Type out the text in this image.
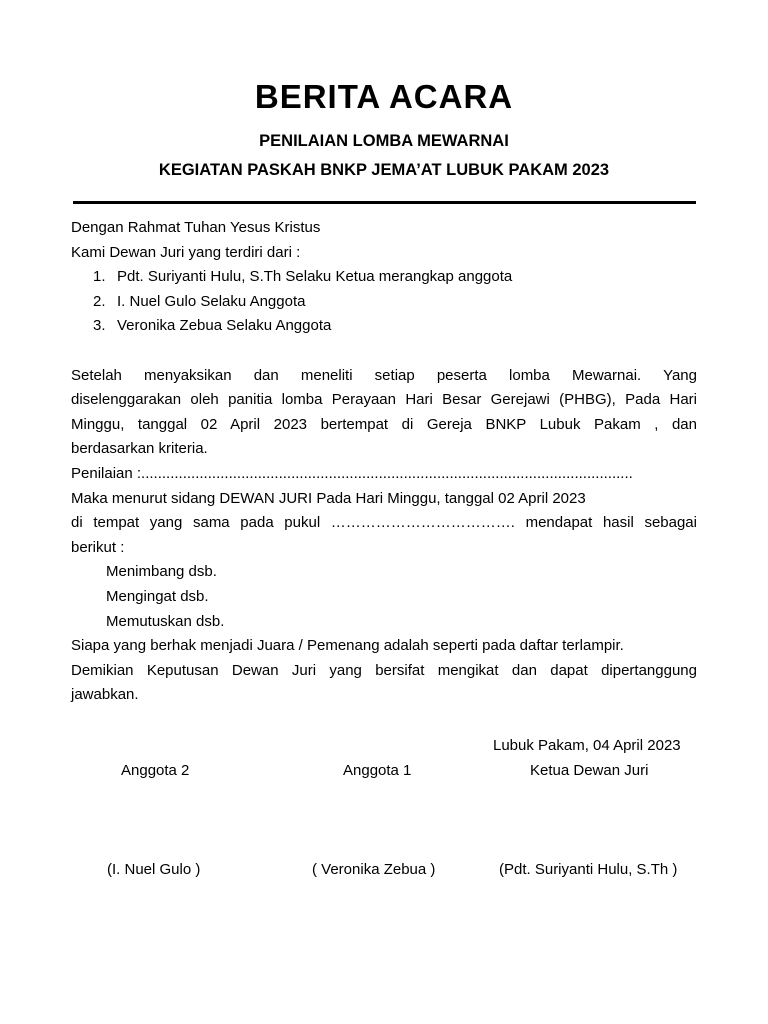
BERITA ACARA
PENILAIAN LOMBA MEWARNAI
KEGIATAN PASKAH BNKP JEMA’AT LUBUK PAKAM 2023
Dengan Rahmat Tuhan Yesus Kristus
Kami Dewan Juri yang terdiri dari :
1. Pdt. Suriyanti Hulu, S.Th Selaku Ketua merangkap anggota
2. I. Nuel Gulo Selaku Anggota
3. Veronika Zebua Selaku Anggota
Setelah menyaksikan dan meneliti setiap peserta lomba Mewarnai. Yang
diselenggarakan oleh panitia lomba Perayaan Hari Besar Gerejawi (PHBG), Pada Hari
Minggu, tanggal 02 April 2023 bertempat di Gereja BNKP Lubuk Pakam , dan
berdasarkan kriteria.
Penilaian :......................................................................................................................
Maka menurut sidang DEWAN JURI Pada Hari Minggu, tanggal 02 April 2023
di tempat yang sama pada pukul ………………………………. mendapat hasil sebagai
berikut :
Menimbang dsb.
Mengingat dsb.
Memutuskan dsb.
Siapa yang berhak menjadi Juara / Pemenang adalah seperti pada daftar terlampir.
Demikian Keputusan Dewan Juri yang bersifat mengikat dan dapat dipertanggung
jawabkan.
Lubuk Pakam, 04 April 2023
Anggota 2	Anggota 1	Ketua Dewan Juri
(I. Nuel Gulo )	( Veronika Zebua )	(Pdt. Suriyanti Hulu, S.Th )
